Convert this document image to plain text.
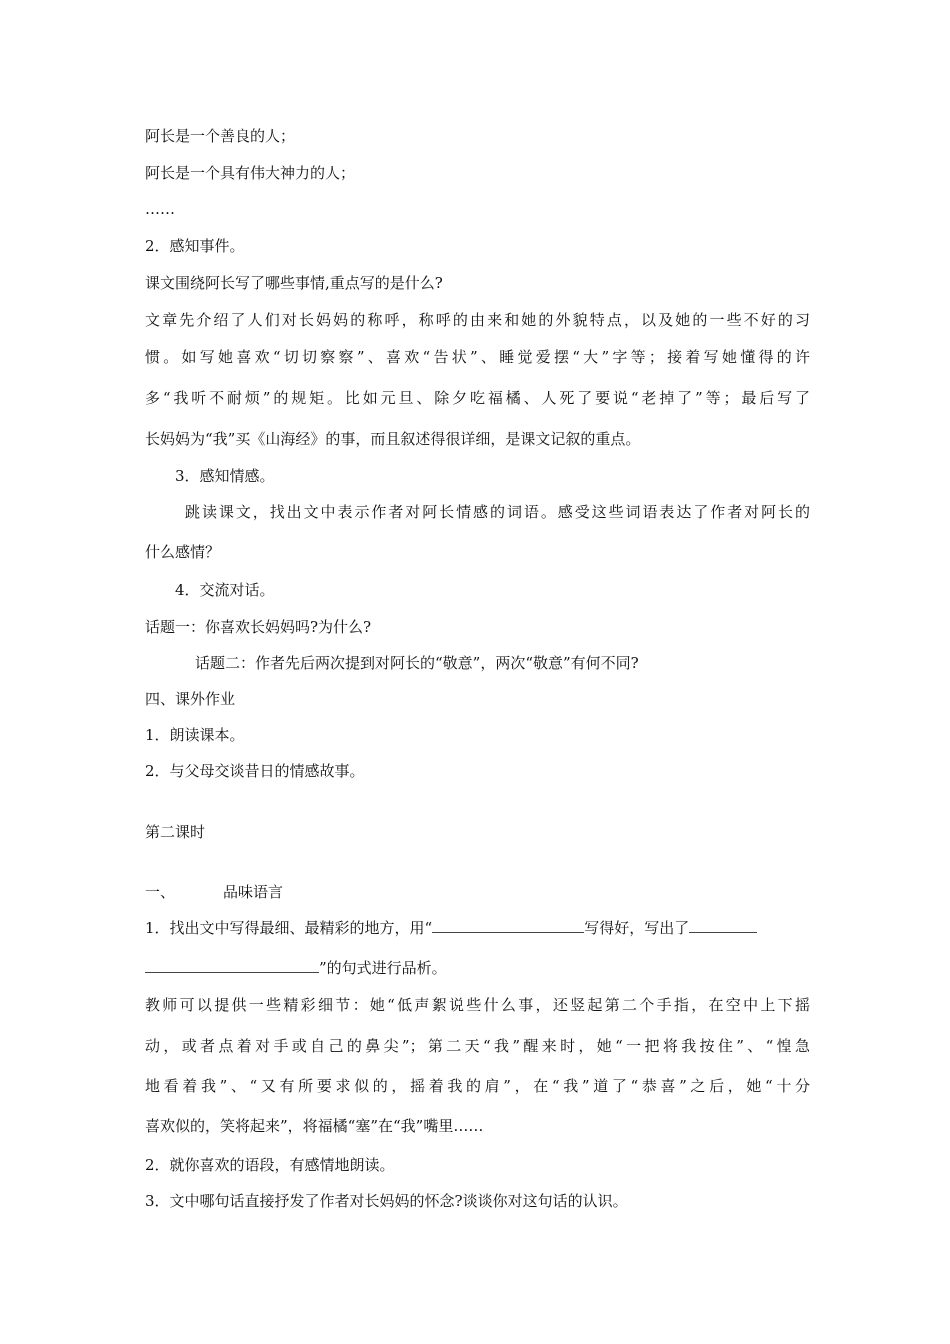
阿长是一个善良的人；
阿长是一个具有伟大神力的人；
……
2．感知事件。
课文围绕阿长写了哪些事情,重点写的是什么?
文章先介绍了人们对长妈妈的称呼，称呼的由来和她的外貌特点，以及她的一些不好的习
惯。如写她喜欢“切切察察”、喜欢“告状”、睡觉爱摆“大”字等；接着写她懂得的许
多“我听不耐烦”的规矩。比如元旦、除夕吃福橘、人死了要说“老掉了”等；最后写了
长妈妈为“我”买《山海经》的事，而且叙述得很详细，是课文记叙的重点。
3．感知情感。
跳读课文，找出文中表示作者对阿长情感的词语。感受这些词语表达了作者对阿长的
什么感情？
4．交流对话。
话题一：你喜欢长妈妈吗?为什么?
话题二：作者先后两次提到对阿长的“敬意”，两次“敬意”有何不同?
四、课外作业
1．朗读课本。
2．与父母交谈昔日的情感故事。
第二课时
一、	品味语言
1．找出文中写得最细、最精彩的地方，用“	写得好，写出了
”的句式进行品析。
教师可以提供一些精彩细节：她“低声絮说些什么事，还竖起第二个手指，在空中上下摇
动，或者点着对手或自己的鼻尖”；第二天“我”醒来时，她“一把将我按住”、“惶急
地看着我”、“又有所要求似的，摇着我的肩”，在“我”道了“恭喜”之后，她“十分
喜欢似的，笑将起来”，将福橘“塞”在“我”嘴里……
2．就你喜欢的语段，有感情地朗读。
3．文中哪句话直接抒发了作者对长妈妈的怀念?谈谈你对这句话的认识。
